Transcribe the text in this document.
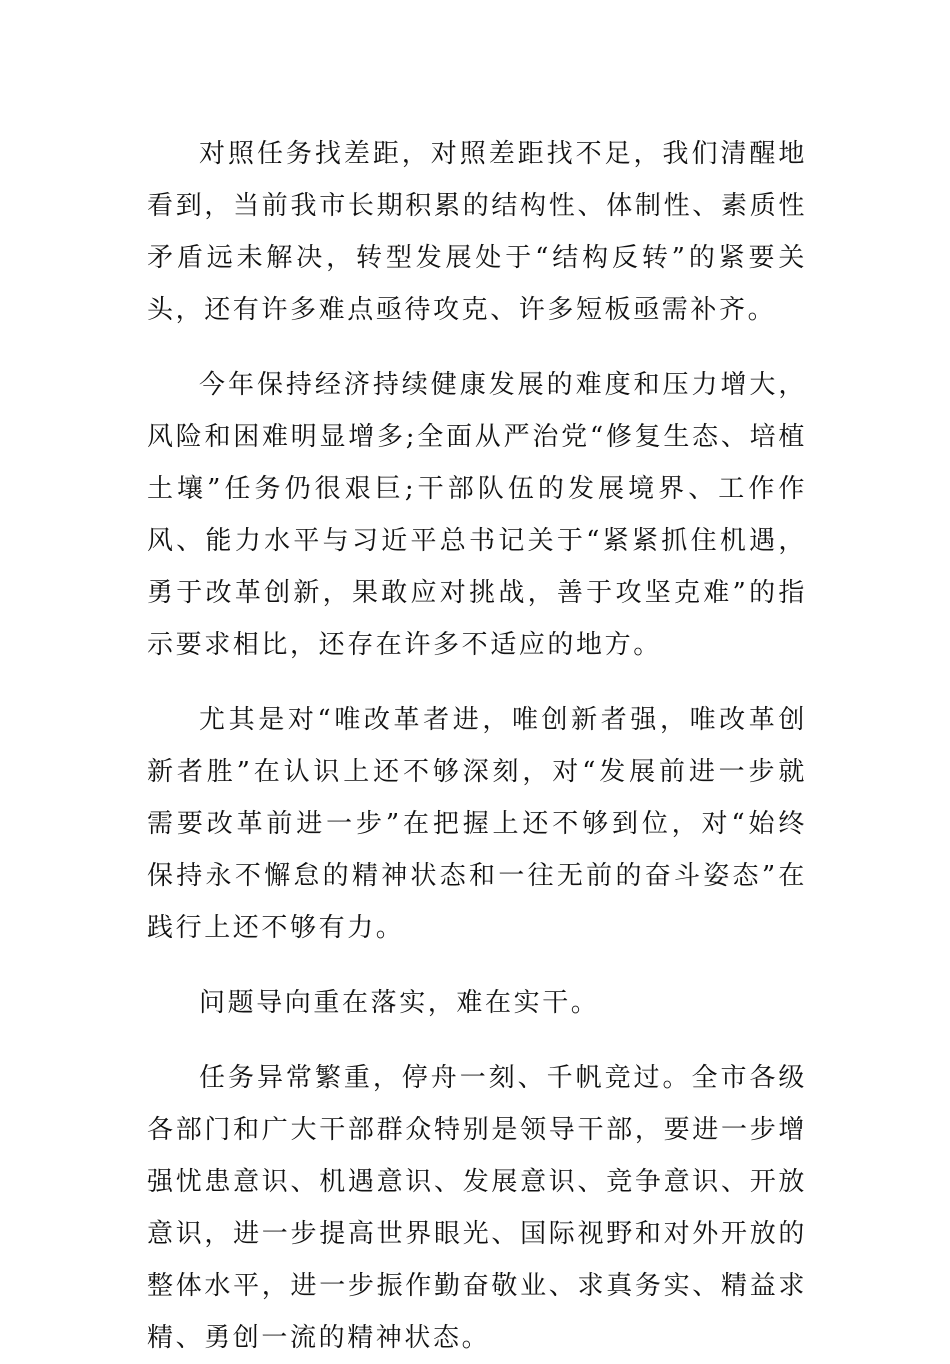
对照任务找差距，对照差距找不足，我们清醒地看到，当前我市长期积累的结构性、体制性、素质性矛盾远未解决，转型发展处于“结构反转”的紧要关头，还有许多难点亟待攻克、许多短板亟需补齐。

今年保持经济持续健康发展的难度和压力增大，风险和困难明显增多;全面从严治党“修复生态、培植土壤”任务仍很艰巨;干部队伍的发展境界、工作作风、能力水平与习近平总书记关于“紧紧抓住机遇，勇于改革创新，果敢应对挑战，善于攻坚克难”的指示要求相比，还存在许多不适应的地方。

尤其是对“唯改革者进，唯创新者强，唯改革创新者胜”在认识上还不够深刻，对“发展前进一步就需要改革前进一步”在把握上还不够到位，对“始终保持永不懈怠的精神状态和一往无前的奋斗姿态”在践行上还不够有力。

问题导向重在落实，难在实干。

任务异常繁重，停舟一刻、千帆竞过。全市各级各部门和广大干部群众特别是领导干部，要进一步增强忧患意识、机遇意识、发展意识、竞争意识、开放意识，进一步提高世界眼光、国际视野和对外开放的整体水平，进一步振作勤奋敬业、求真务实、精益求精、勇创一流的精神状态。
